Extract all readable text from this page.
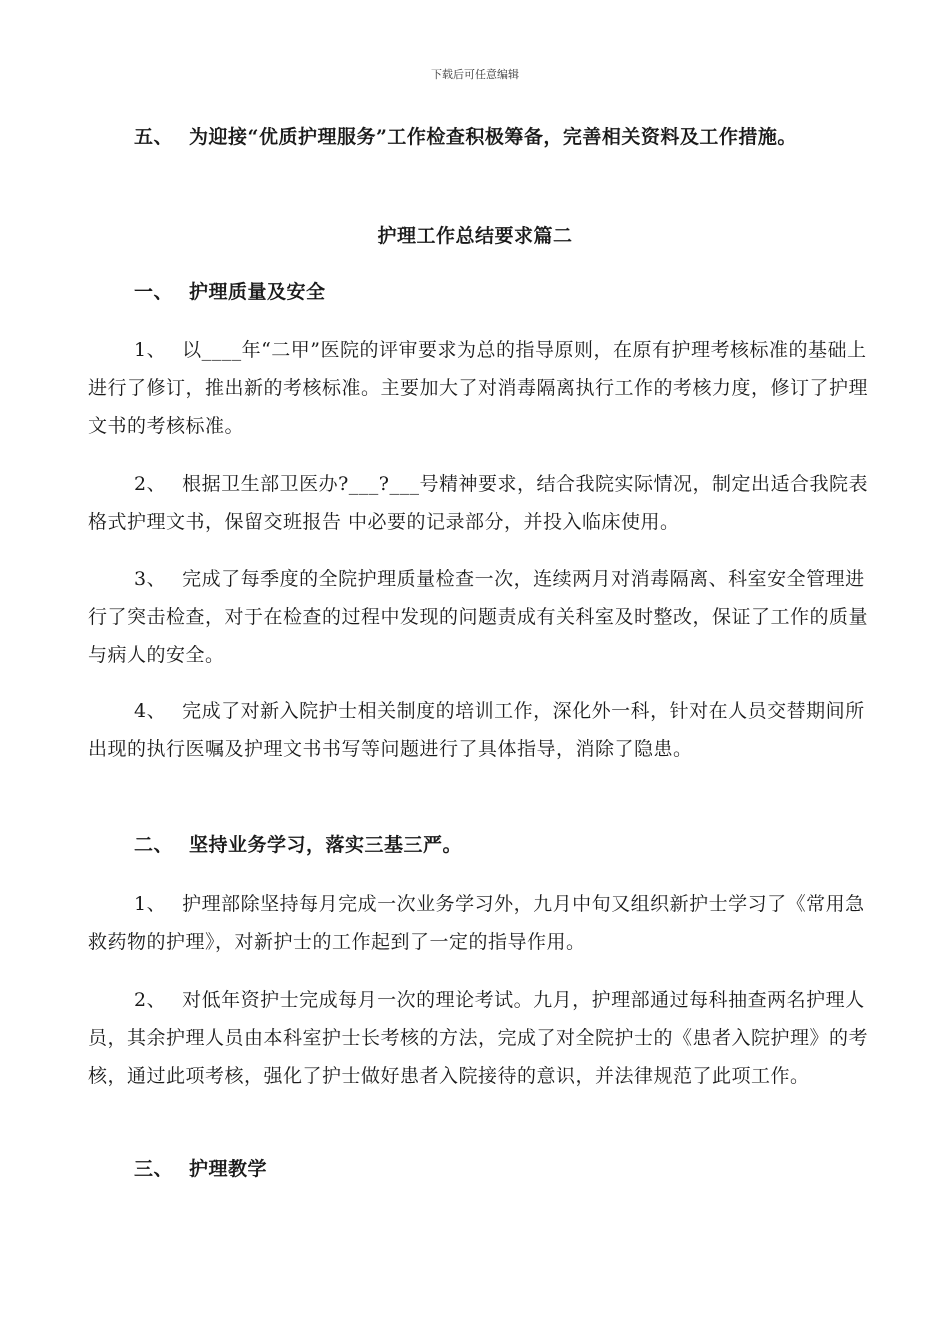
下载后可任意编辑
五、 为迎接“优质护理服务”工作检查积极筹备，完善相关资料及工作措施。
护理工作总结要求篇二
一、 护理质量及安全
1、 以____年“二甲”医院的评审要求为总的指导原则，在原有护理考核标准的基础上进行了修订，推出新的考核标准。主要加大了对消毒隔离执行工作的考核力度，修订了护理文书的考核标准。
2、 根据卫生部卫医办?___?___号精神要求，结合我院实际情况，制定出适合我院表格式护理文书，保留交班报告 中必要的记录部分，并投入临床使用。
3、 完成了每季度的全院护理质量检查一次，连续两月对消毒隔离、科室安全管理进行了突击检查，对于在检查的过程中发现的问题责成有关科室及时整改，保证了工作的质量与病人的安全。
4、 完成了对新入院护士相关制度的培训工作，深化外一科，针对在人员交替期间所出现的执行医嘱及护理文书书写等问题进行了具体指导，消除了隐患。
二、 坚持业务学习，落实三基三严。
1、 护理部除坚持每月完成一次业务学习外，九月中旬又组织新护士学习了《常用急救药物的护理》，对新护士的工作起到了一定的指导作用。
2、 对低年资护士完成每月一次的理论考试。九月，护理部通过每科抽查两名护理人员，其余护理人员由本科室护士长考核的方法，完成了对全院护士的《患者入院护理》的考核，通过此项考核，强化了护士做好患者入院接待的意识，并法律规范了此项工作。
三、 护理教学
